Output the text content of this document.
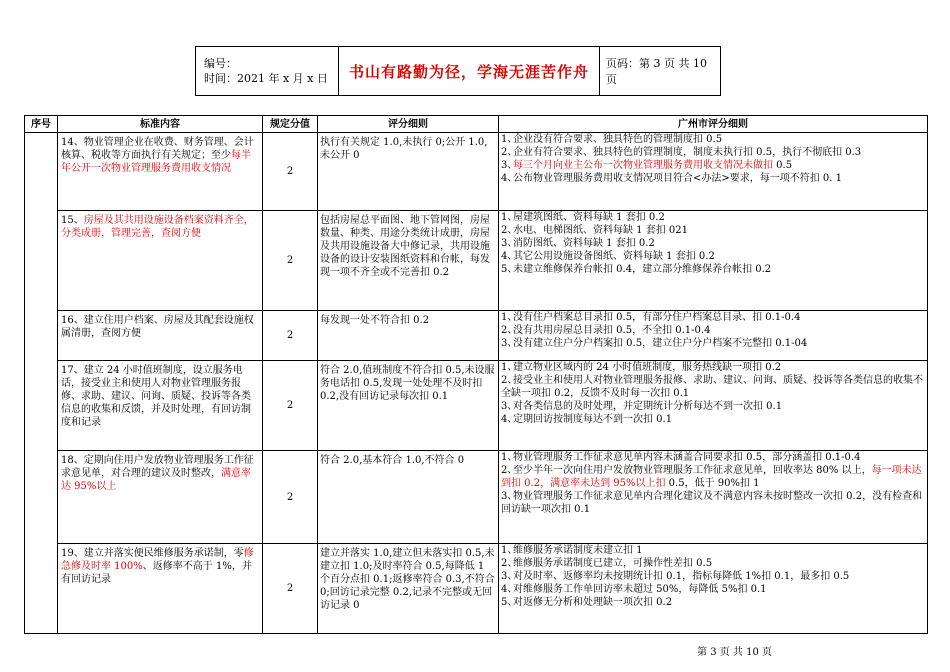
编号：
时间：2021 年 x 月 x 日	书山有路勤为径，学海无涯苦作舟	页码：第 3 页 共 10 页
序号	标准内容	规定分值	评分细则	广州市评分细则
	14、物业管理企业在收费、财务管理、会计核算、税收等方面执行有关规定；至少每半年公开一次物业管理服务费用收支情况	2	执行有关规定 1.0,未执行 0;公开 1.0,未公开 0	1、企业没有符合要求、独具特色的管理制度扣 0.5

2、企业有符合要求、独具特色的管理制度，制度未执行扣 0.5，执行不彻底扣 0.3

3、每三个月向业主公布一次物业管理服务费用收支情况未做扣 0.5

4、公布物业管理服务费用收支情况项目符合<办法>要求，每一项不符扣 0. 1

	15、房屋及其共用设施设备档案资料齐全，分类成册，管理完善，查阅方便	2	包括房屋总平面图、地下管网图，房屋数量、种类、用途分类统计成册，房屋及共用设施设备大中修记录，共用设施设备的设计安装图纸资料和台帐，每发现一项不齐全或不完善扣 0.2	1、屋建筑图纸、资料每缺 1 套扣 0.2

2、水电、电梯图纸、资料每缺 1 套扣 021

3、消防图纸、资料每缺 1 套扣 0.2

4、其它公用设施设备图纸、资料每缺 1 套扣 0.2

5、未建立维修保养台帐扣 0.4，建立部分维修保养台帐扣 0.2

	16、建立住用户档案、房屋及其配套设施权属清册，查阅方便	2	每发现一处不符合扣 0.2	1、没有住户档案总目录扣 0.5，有部分住户档案总目录、扣 0.1-0.4

2、没有共用房屋总目录扣 0.5，不全扣 0.1-0.4

3、没有建立住户分户档案扣 0.5，建立住户分户档案不完整扣 0.1-04

	17、建立 24 小时值班制度，设立服务电话，接受业主和使用人对物业管理服务报修、求助、建议、问询、质疑、投诉等各类信息的收集和反馈，并及时处理，有回访制度和记录	2	符合 2.0,值班制度不符合扣 0.5,未设服务电话扣 0.5,发现一处处理不及时扣 0.2,没有回访记录每次扣 0.1	1、建立物业区域内的 24 小时值班制度，服务热线缺一项扣 0.2

2、接受业主和使用人对物业管理服务报修、求助、建议、问询、质疑、投诉等各类信息的收集不全缺一项扣 0.2，反馈不及时每一次扣 0.1

3、对各类信息的及时处理，并定期统计分析每达不到一次扣 0.1

4、定期回访按制度每达不到一次扣 0.1

	18、定期向住用户发放物业管理服务工作征求意见单，对合理的建议及时整改，满意率达 95%以上	2	符合 2.0,基本符合 1.0,不符合 0	1、物业管理服务工作征求意见单内容未涵盖合同要求扣 0.5，部分涵盖扣 0.1-0.4

2、至少半年一次向住用户发放物业管理服务工作征求意见单，回收率达 80% 以上，每一项未达到扣 0.2，满意率未达到 95%以上扣 0.5，低于 90%扣 1

3、物业管理服务工作征求意见单内合理化建议及不满意内容未按时整改一次扣 0.2，没有检查和回访缺一项次扣 0.1

	19、建立并落实便民维修服务承诺制，零修急修及时率 100%、返修率不高于 1%，并有回访记录	2	建立并落实 1.0,建立但未落实扣 0.5,未建立扣 1.0;及时率符合 0.5,每降低 1 个百分点扣 0.1;返修率符合 0.3,不符合 0;回访记录完整 0.2,记录不完整或无回访记录 0	1、维修服务承诺制度未建立扣 1

2、维修服务承诺制度已建立，可操作性差扣 0.5

3、对及时率、返修率均未按期统计扣 0.1，指标每降低 1%扣 0.1，最多扣 0.5

4、对维修服务工作单回访率未超过 50%，每降低 5%扣 0.1

5、对返修无分析和处理缺一项次扣 0.2

第 3 页 共 10 页
